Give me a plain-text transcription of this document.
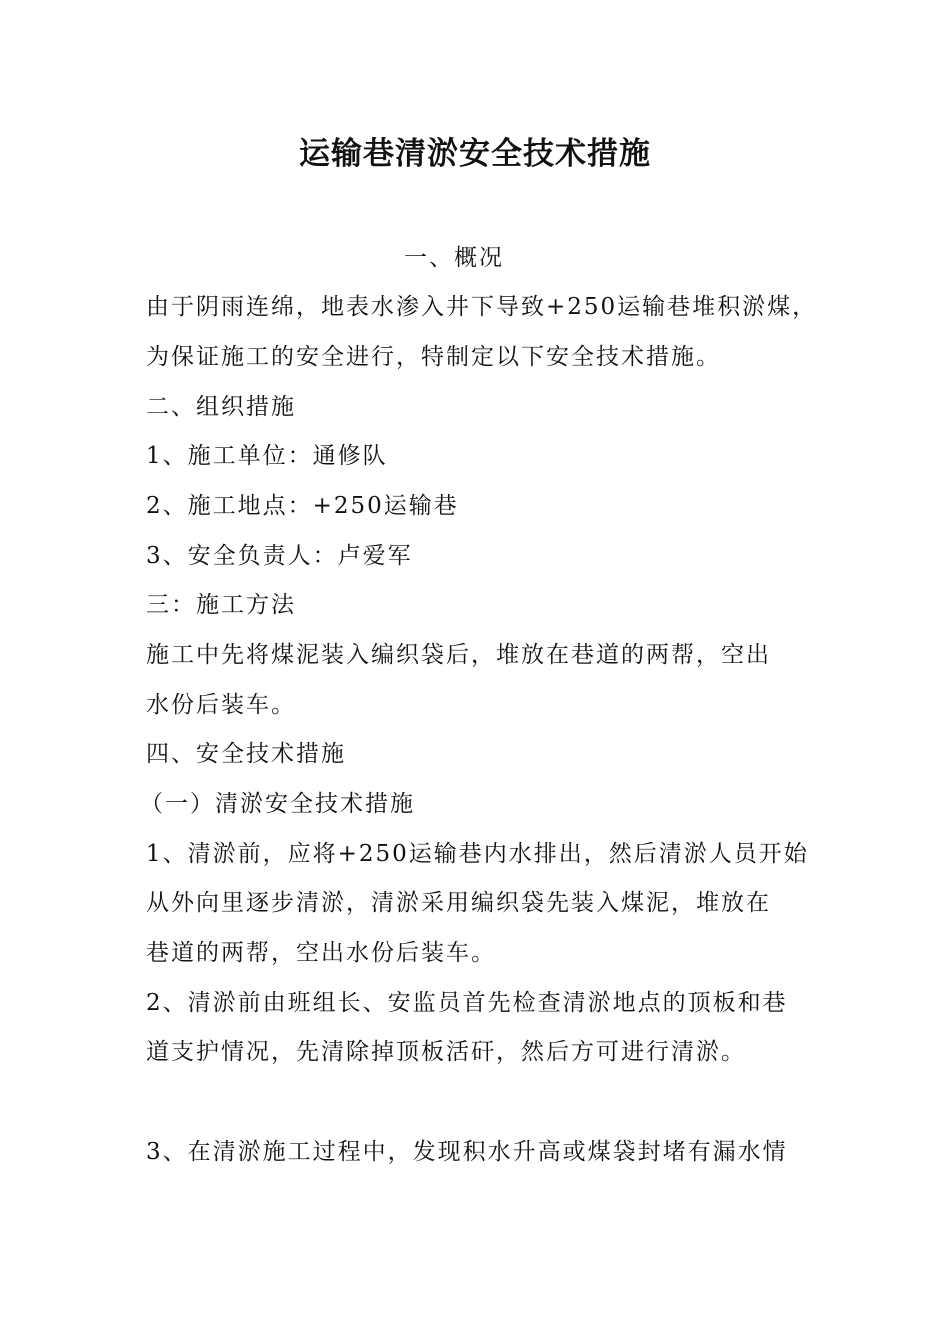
运输巷清淤安全技术措施
一、概况
由于阴雨连绵，地表水渗入井下导致+250运输巷堆积淤煤，
为保证施工的安全进行，特制定以下安全技术措施。
二、组织措施
1、施工单位：通修队
2、施工地点：+250运输巷
3、安全负责人：卢爱军
三：施工方法
施工中先将煤泥装入编织袋后，堆放在巷道的两帮，空出
水份后装车。
四、安全技术措施
（一）清淤安全技术措施
1、清淤前，应将+250运输巷内水排出，然后清淤人员开始
从外向里逐步清淤，清淤采用编织袋先装入煤泥，堆放在
巷道的两帮，空出水份后装车。
2、清淤前由班组长、安监员首先检查清淤地点的顶板和巷
道支护情况，先清除掉顶板活矸，然后方可进行清淤。
3、在清淤施工过程中，发现积水升高或煤袋封堵有漏水情
